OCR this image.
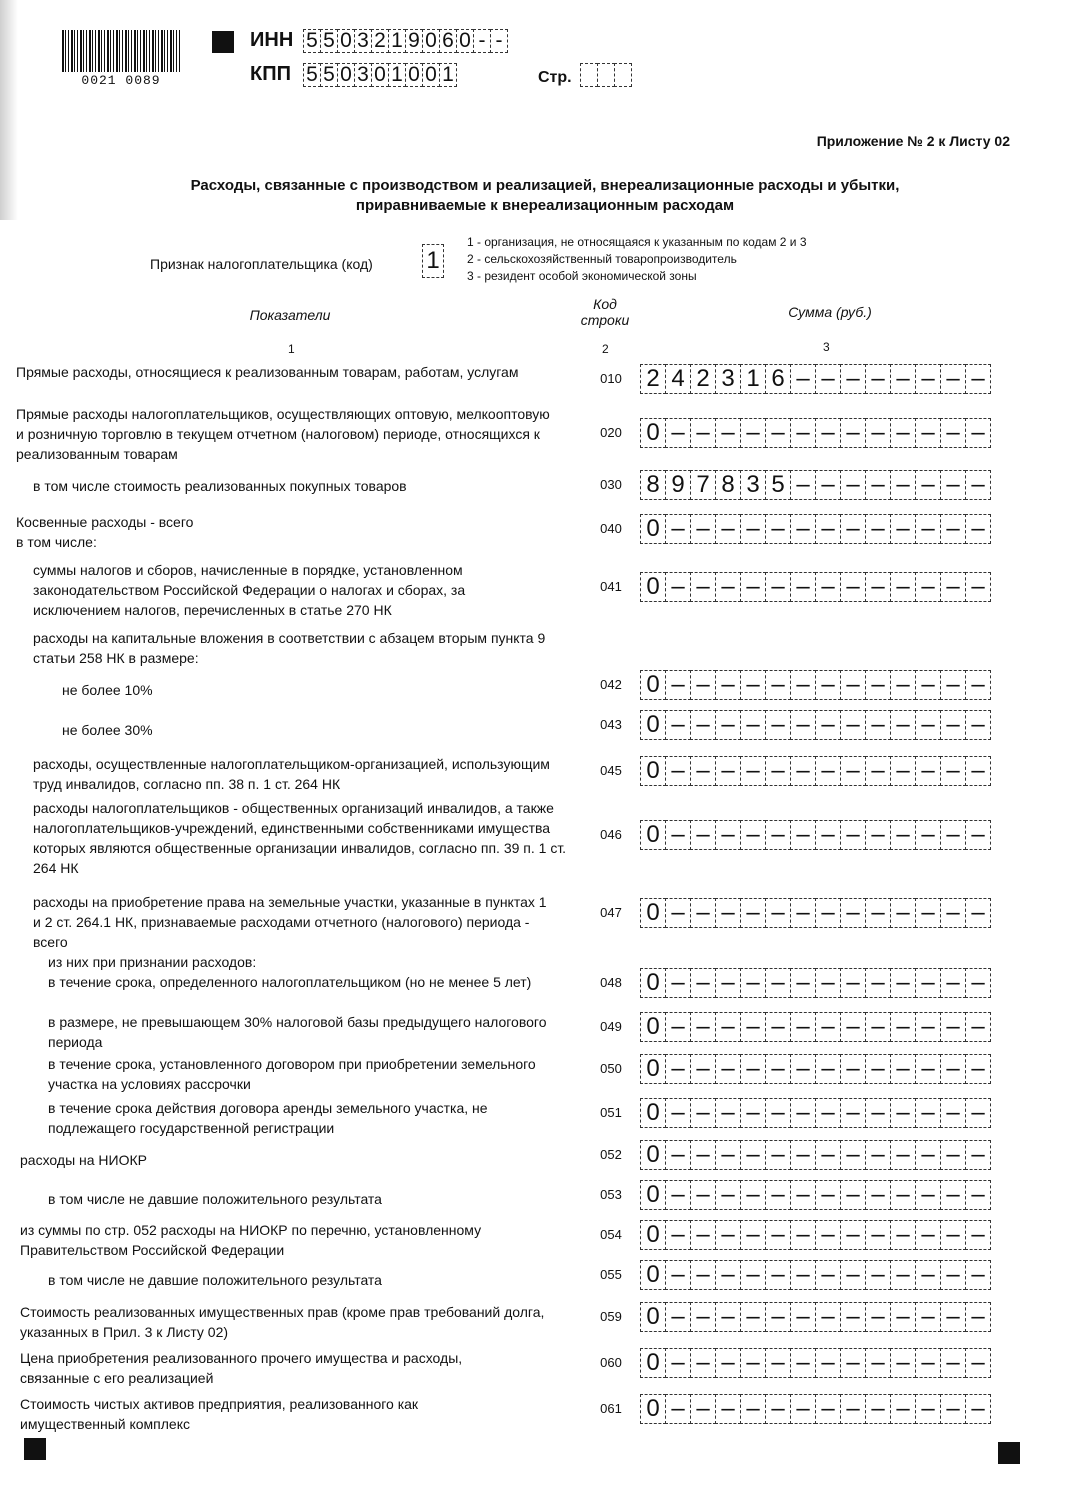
0021 0089
ИНН 5 5 0 3 2 1 9 0 6 0 - -
КПП 5 5 0 3 0 1 0 0 1	Стр.
Приложение № 2 к Листу 02
Расходы, связанные с производством и реализацией, внереализационные расходы и убытки,
приравниваемые к внереализационным расходам
Признак налогоплательщика (код) 1
1 - организация, не относящаяся к указанным по кодам 2 и 3
2 - сельскохозяйственный товаропроизводитель
3 - резидент особой экономической зоны
Показатели
Код
строки	Сумма (руб.)
1	2	3
Прямые расходы, относящиеся к реализованным товарам, работам, услугам	010 2 4 2 3 1 6 – – – – – – – –
Прямые расходы налогоплательщиков, осуществляющих оптовую, мелкооптовую и розничную торговлю в текущем отчетном (налоговом) периоде, относящихся к реализованным товарам
020 0 – – – – – – – – – – – – –
в том числе стоимость реализованных покупных товаров	030 8 9 7 8 3 5 – – – – – – – –
Косвенные расходы - всего
в том числе:
040 0 – – – – – – – – – – – – –
суммы налогов и сборов, начисленные в порядке, установленном законодательством Российской Федерации о налогах и сборах, за исключением налогов, перечисленных в статье 270 НК
041 0 – – – – – – – – – – – – –
расходы на капитальные вложения в соответствии с абзацем вторым пункта 9 статьи 258 НК в размере:
не более 10%	042 0 – – – – – – – – – – – – –
не более 30%	043 0 – – – – – – – – – – – – –
расходы, осуществленные налогоплательщиком-организацией, использующим труд инвалидов, согласно пп. 38 п. 1 ст. 264 НК
045 0 – – – – – – – – – – – – –
расходы налогоплательщиков - общественных организаций инвалидов, а также налогоплательщиков-учреждений, единственными собственниками имущества которых являются общественные организации инвалидов, согласно пп. 39 п. 1 ст. 264 НК
046 0 – – – – – – – – – – – – –
расходы на приобретение права на земельные участки, указанные в пунктах 1 и 2 ст. 264.1 НК, признаваемые расходами отчетного (налогового) периода - всего
047 0 – – – – – – – – – – – – –
из них при признании расходов:
в течение срока, определенного налогоплательщиком (но не менее 5 лет)	048 0 – – – – – – – – – – – – –
в размере, не превышающем 30% налоговой базы предыдущего налогового периода
049 0 – – – – – – – – – – – – –
в течение срока, установленного договором при приобретении земельного участка на условиях рассрочки
050 0 – – – – – – – – – – – – –
в течение срока действия договора аренды земельного участка, не подлежащего государственной регистрации
051 0 – – – – – – – – – – – – –
расходы на НИОКР	052 0 – – – – – – – – – – – – –
в том числе не давшие положительного результата	053 0 – – – – – – – – – – – – –
из суммы по стр. 052 расходы на НИОКР по перечню, установленному Правительством Российской Федерации
054 0 – – – – – – – – – – – – –
в том числе не давшие положительного результата	055 0 – – – – – – – – – – – – –
Стоимость реализованных имущественных прав (кроме прав требований долга, указанных в Прил. 3 к Листу 02)
059 0 – – – – – – – – – – – – –
Цена приобретения реализованного прочего имущества и расходы, связанные с его реализацией
060 0 – – – – – – – – – – – – –
Стоимость чистых активов предприятия, реализованного как имущественный комплекс
061 0 – – – – – – – – – – – – –
